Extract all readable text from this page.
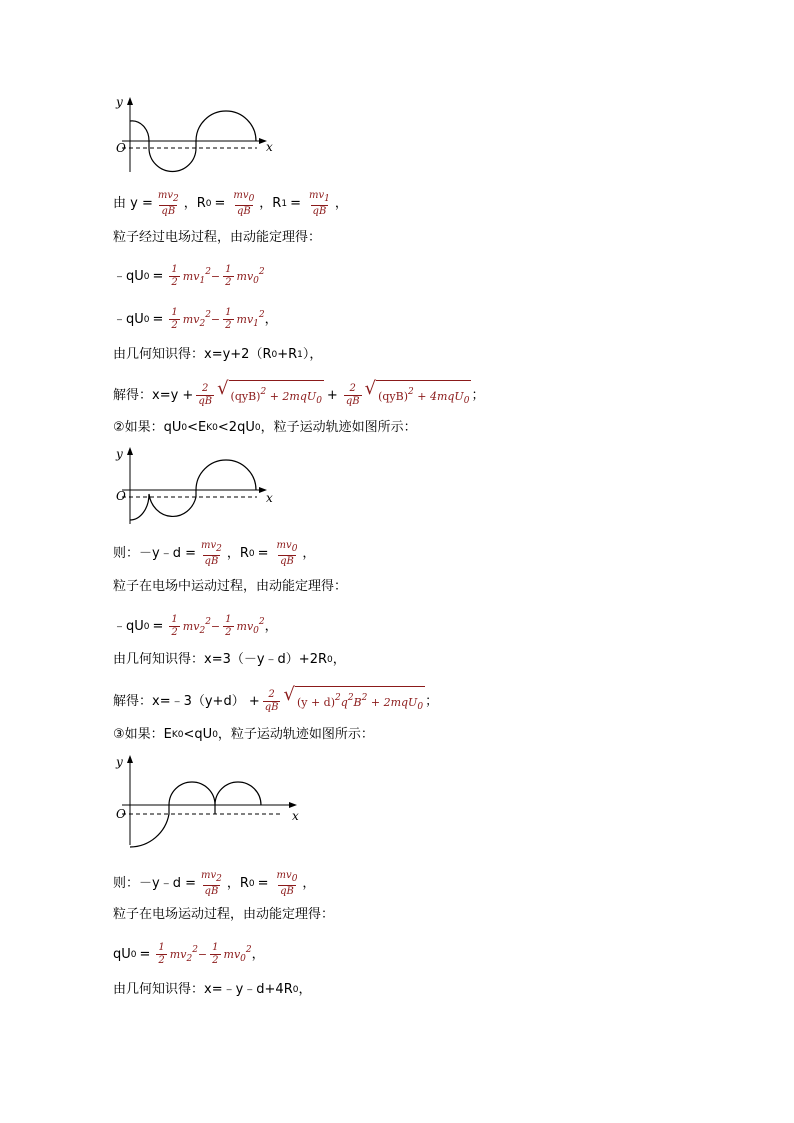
y
x
O
由 $y = \frac{mv2}{qB}$ ，R $0 = \frac{mv0}{qB}$ ，R $1 = \frac{mv1}{qB}$ ，
粒子经过电场过程，由动能定理得：
﹣qU $0 = \frac{1}{2} mv_1^2- \frac{1}{2} mv_0^2$
﹣qU $0 = \frac{1}{2} mv_2^2- \frac{1}{2} mv_1^2$ ，
由几何知识得：x=y+2（R 0 +R 1 ），
解得：$x=y + \frac{2}{qB}$ √ $(qyB)^2 + 2mqU_0 + \frac{2}{qB}$ √ (qyB)$^2$ + 4mqU$_0$ ；
②如果：qU 0 <E K0 <2qU 0 ，粒子运动轨迹如图所示：
y
x
O
则：－y﹣d = $\frac{mv2}{qB}$ ，R $0 = \frac{mv0}{qB}$ ，
粒子在电场中运动过程，由动能定理得：
﹣qU $0 = \frac{1}{2} mv_2^2- \frac{1}{2} mv_0^2$ ，
由几何知识得：x=3（－y﹣d）+2R 0 ，
解得：x=﹣3（y+d） + $\frac{2}{qB}$ √ $(y + d)^2q^2B^2 + 2mqU_0$ ；
③如果：E K0 <qU 0 ，粒子运动轨迹如图所示：
y
x
O
则：－y﹣d = $\frac{mv2}{qB}$ ，R $0 = \frac{mv0}{qB}$ ，
粒子在电场运动过程，由动能定理得：
qU $0 = \frac{1}{2} mv_2^2- \frac{1}{2} mv_0^2$ ，
由几何知识得：x=﹣y﹣d+4R 0 ，
